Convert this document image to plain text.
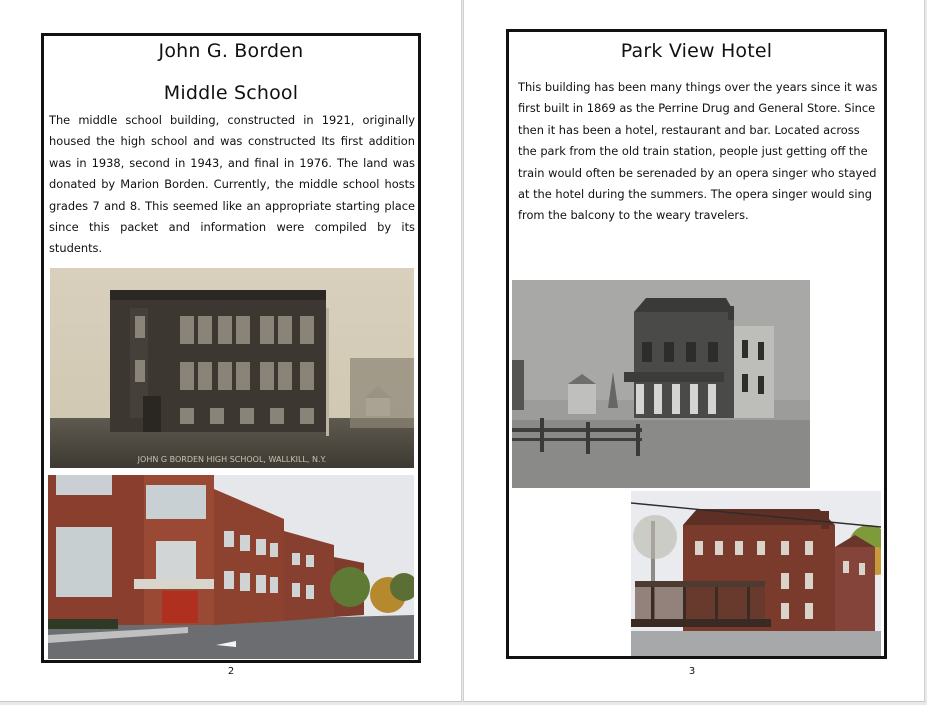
John G. Borden
Middle School
The middle school building, constructed in 1921, originally housed the high school and was constructed Its first addition was in 1938, second in 1943, and final in 1976. The land was donated by Marion Borden. Currently, the middle school hosts grades 7 and 8. This seemed like an appropriate starting place since this packet and information were compiled by its students.
JOHN G BORDEN HIGH SCHOOL, WALLKILL, N.Y.
2
Park View Hotel
This building has been many things over the years since it was first built in 1869 as the Perrine Drug and General Store. Since then it has been a hotel, restaurant and bar. Located across the park from the old train station, people just getting off the train would often be serenaded by an opera singer who stayed at the hotel during the summers. The opera singer would sing from the balcony to the weary travelers.
3
